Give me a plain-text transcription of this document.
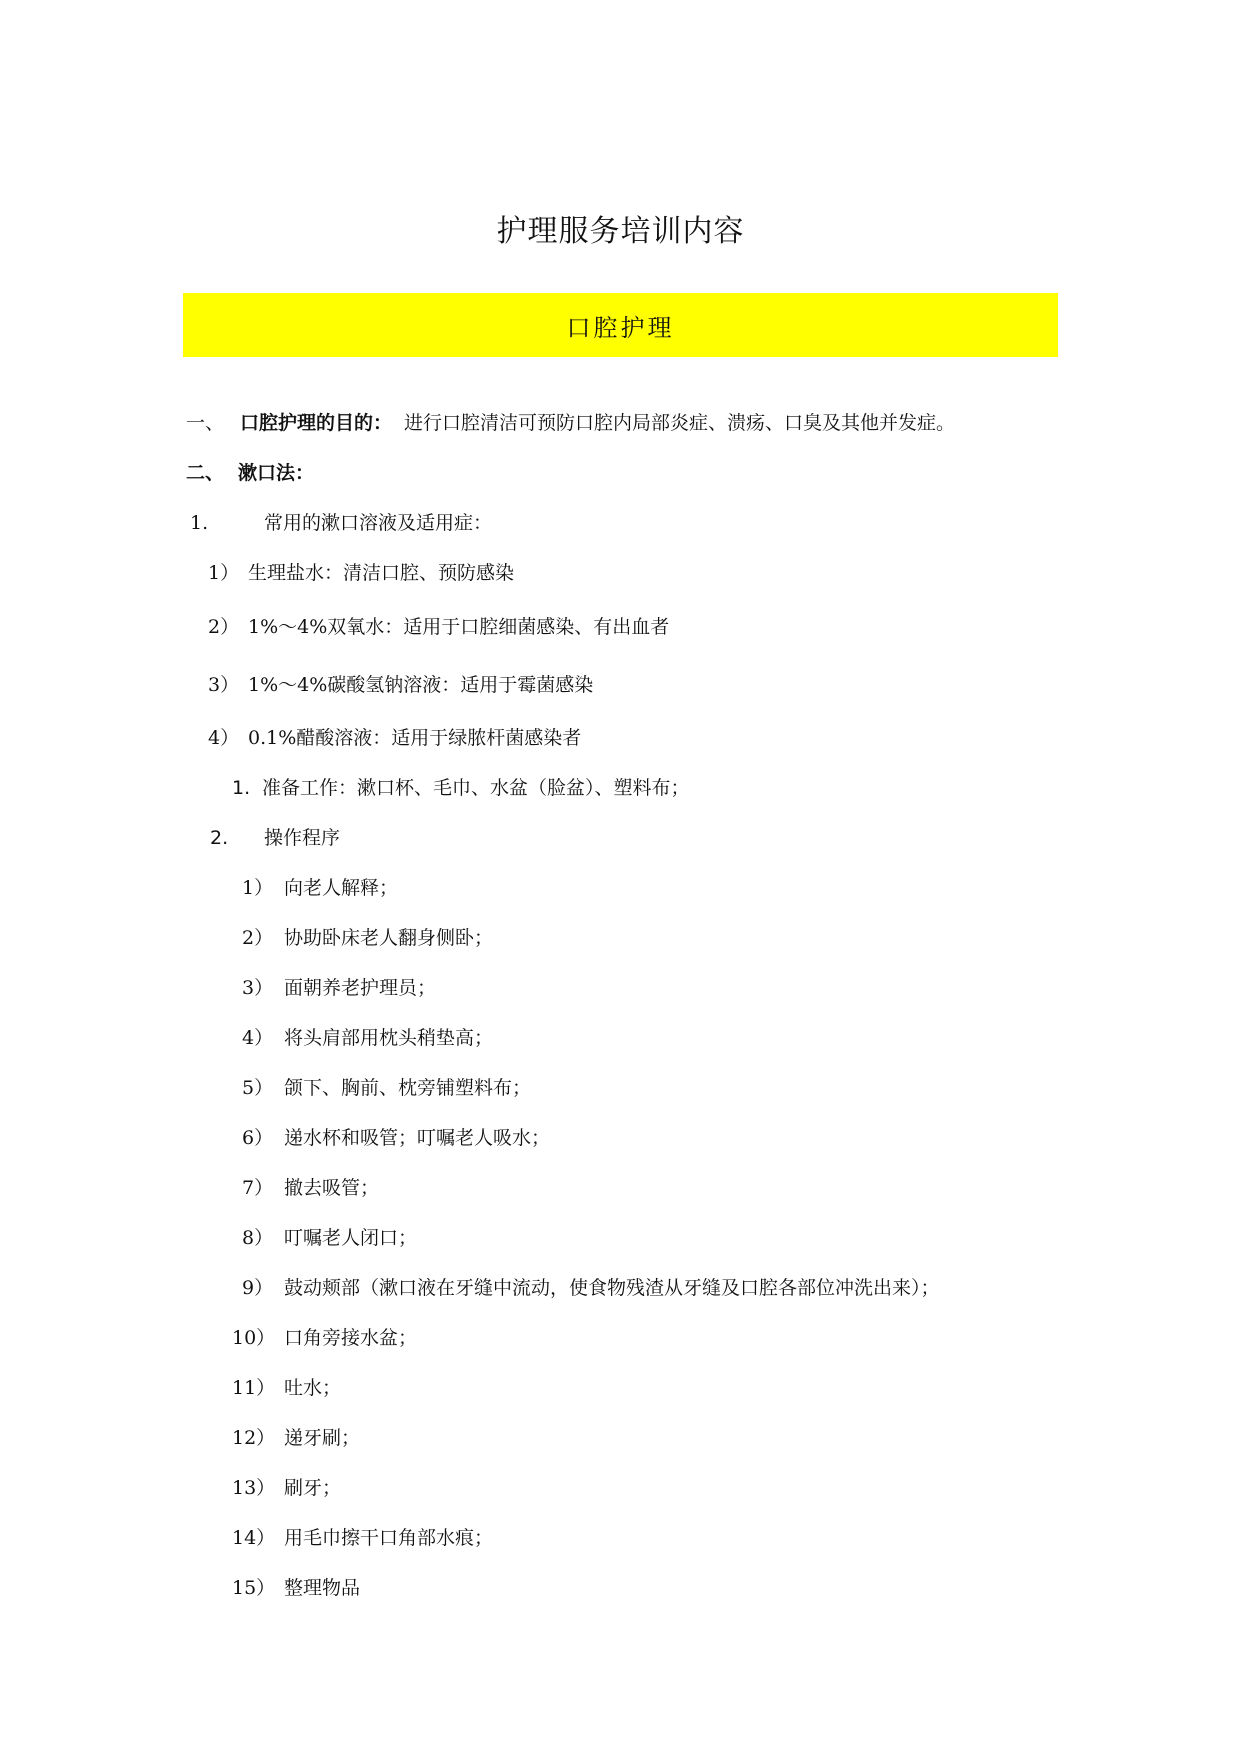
护理服务培训内容
口腔护理
一、 口腔护理的目的： 进行口腔清洁可预防口腔内局部炎症、溃疡、口臭及其他并发症。
二、 漱口法：
1.	常用的漱口溶液及适用症：
1） 生理盐水：清洁口腔、预防感染
2） 1%～4%双氧水：适用于口腔细菌感染、有出血者
3） 1%～4%碳酸氢钠溶液：适用于霉菌感染
4） 0.1%醋酸溶液：适用于绿脓杆菌感染者
1. 准备工作：漱口杯、毛巾、水盆（脸盆）、塑料布；
2. 操作程序
1） 向老人解释；
2） 协助卧床老人翻身侧卧；
3） 面朝养老护理员；
4） 将头肩部用枕头稍垫高；
5） 颌下、胸前、枕旁铺塑料布；
6） 递水杯和吸管；叮嘱老人吸水；
7） 撤去吸管；
8） 叮嘱老人闭口；
9） 鼓动颊部（漱口液在牙缝中流动，使食物残渣从牙缝及口腔各部位冲洗出来）；
10） 口角旁接水盆；
11） 吐水；
12） 递牙刷；
13） 刷牙；
14） 用毛巾擦干口角部水痕；
15） 整理物品
